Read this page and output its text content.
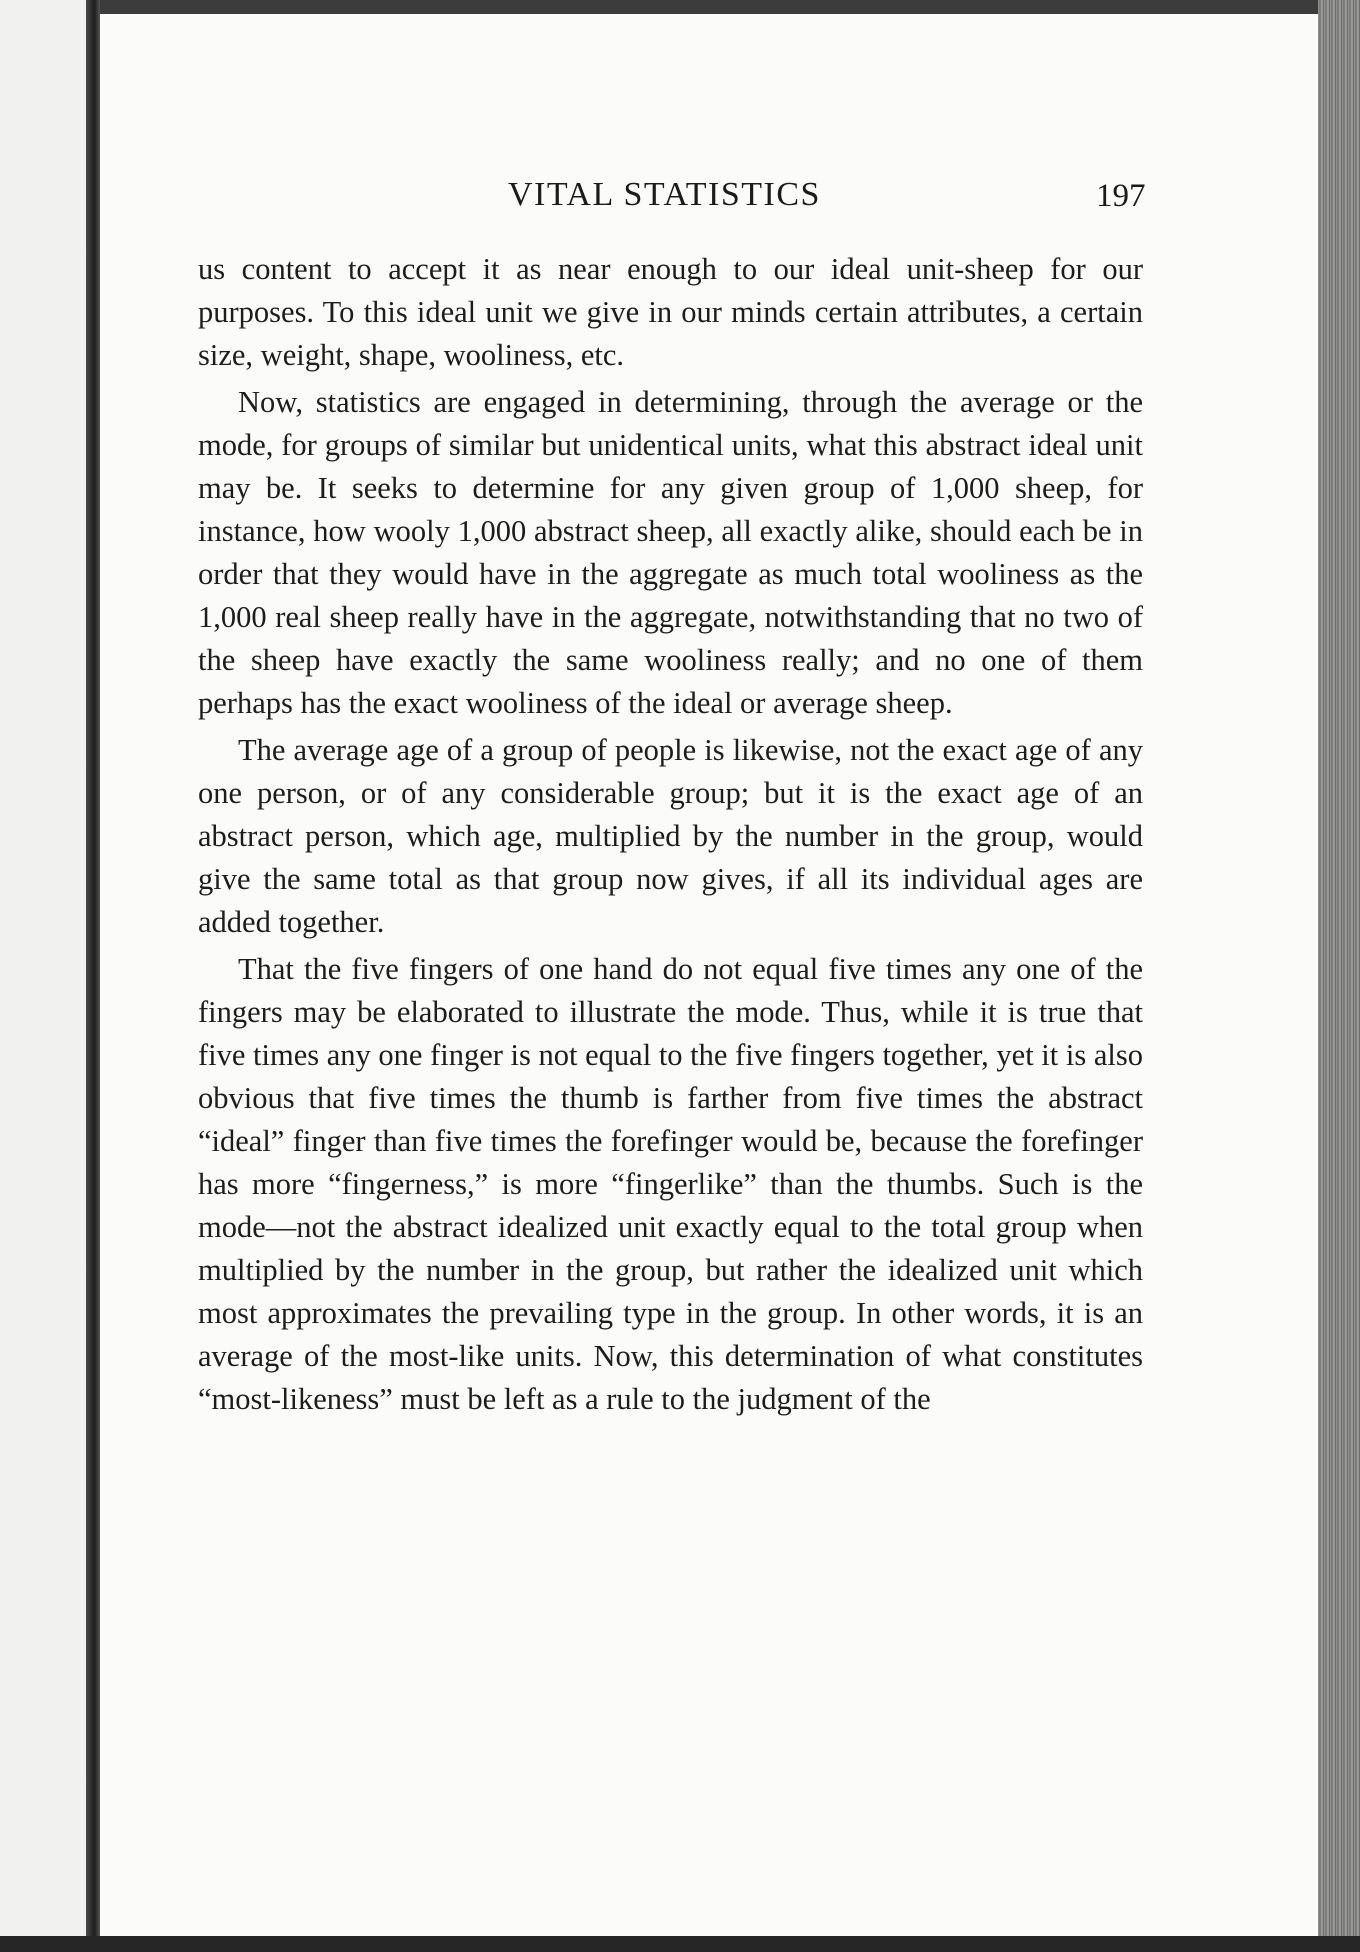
VITAL STATISTICS	197

us content to accept it as near enough to our ideal unit-sheep for our purposes. To this ideal unit we give in our minds certain attributes, a certain size, weight, shape, wooliness, etc.

Now, statistics are engaged in determining, through the average or the mode, for groups of similar but unidentical units, what this abstract ideal unit may be. It seeks to determine for any given group of 1,000 sheep, for instance, how wooly 1,000 abstract sheep, all exactly alike, should each be in order that they would have in the aggregate as much total wooliness as the 1,000 real sheep really have in the aggregate, notwithstanding that no two of the sheep have exactly the same wooliness really; and no one of them perhaps has the exact wooliness of the ideal or average sheep.

The average age of a group of people is likewise, not the exact age of any one person, or of any considerable group; but it is the exact age of an abstract person, which age, multiplied by the number in the group, would give the same total as that group now gives, if all its individual ages are added together.

That the five fingers of one hand do not equal five times any one of the fingers may be elaborated to illustrate the mode. Thus, while it is true that five times any one finger is not equal to the five fingers together, yet it is also obvious that five times the thumb is farther from five times the abstract “ideal” finger than five times the forefinger would be, because the forefinger has more “fingerness,” is more “fingerlike” than the thumbs. Such is the mode—not the abstract idealized unit exactly equal to the total group when multiplied by the number in the group, but rather the idealized unit which most approximates the prevailing type in the group. In other words, it is an average of the most-like units. Now, this determination of what constitutes “most-likeness” must be left as a rule to the judgment of the
